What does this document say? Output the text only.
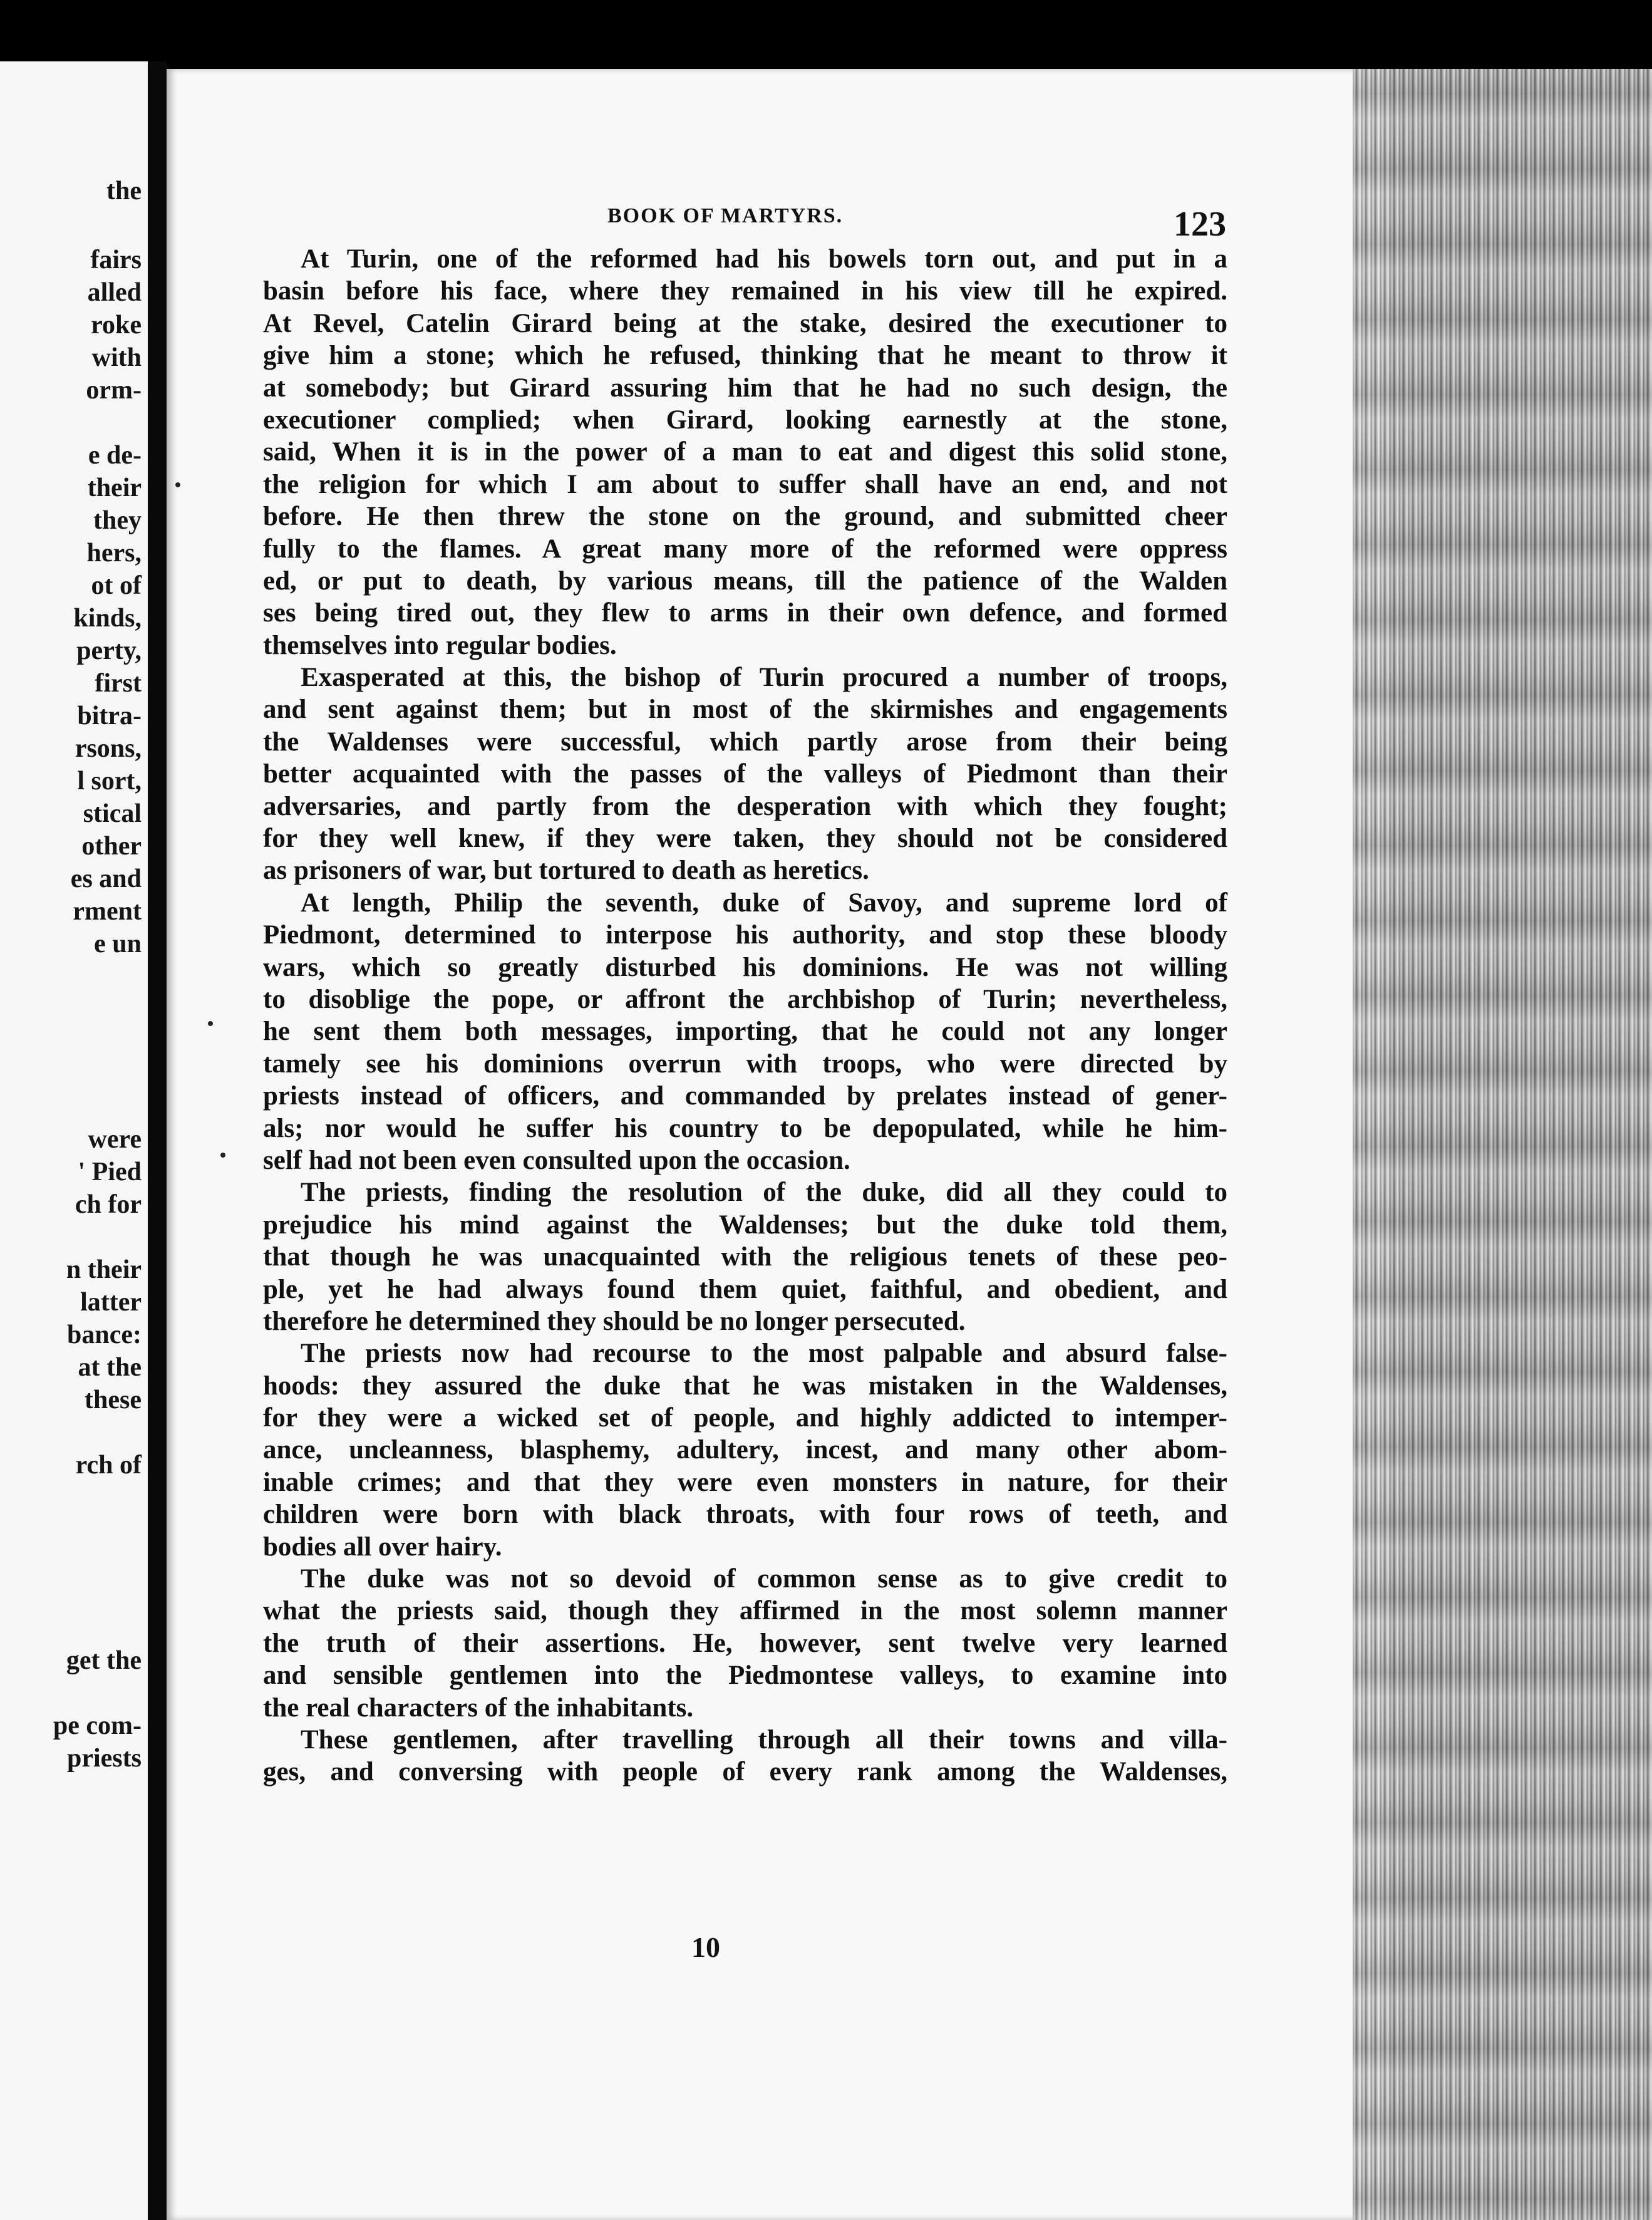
the
fairs
alled
roke
with
orm-
e de-
their
they
hers,
ot of
kinds,
perty,
first
bitra-
rsons,
l sort,
stical
other
es and
rment
e un
were
' Pied
ch for
n their
latter
bance:
at the
these
rch of
get the
pe com-
priests
BOOK OF MARTYRS.	123
At Turin, one of the reformed had his bowels torn out, and put in a
basin before his face, where they remained in his view till he expired.
At Revel, Catelin Girard being at the stake, desired the executioner to
give him a stone; which he refused, thinking that he meant to throw it
at somebody; but Girard assuring him that he had no such design, the
executioner complied; when Girard, looking earnestly at the stone,
said, When it is in the power of a man to eat and digest this solid stone,
the religion for which I am about to suffer shall have an end, and not
before. He then threw the stone on the ground, and submitted cheer
fully to the flames. A great many more of the reformed were oppress
ed, or put to death, by various means, till the patience of the Walden
ses being tired out, they flew to arms in their own defence, and formed
themselves into regular bodies.
Exasperated at this, the bishop of Turin procured a number of troops,
and sent against them; but in most of the skirmishes and engagements
the Waldenses were successful, which partly arose from their being
better acquainted with the passes of the valleys of Piedmont than their
adversaries, and partly from the desperation with which they fought;
for they well knew, if they were taken, they should not be considered
as prisoners of war, but tortured to death as heretics.
At length, Philip the seventh, duke of Savoy, and supreme lord of
Piedmont, determined to interpose his authority, and stop these bloody
wars, which so greatly disturbed his dominions. He was not willing
to disoblige the pope, or affront the archbishop of Turin; nevertheless,
he sent them both messages, importing, that he could not any longer
tamely see his dominions overrun with troops, who were directed by
priests instead of officers, and commanded by prelates instead of gener-
als; nor would he suffer his country to be depopulated, while he him-
self had not been even consulted upon the occasion.
The priests, finding the resolution of the duke, did all they could to
prejudice his mind against the Waldenses; but the duke told them,
that though he was unacquainted with the religious tenets of these peo-
ple, yet he had always found them quiet, faithful, and obedient, and
therefore he determined they should be no longer persecuted.
The priests now had recourse to the most palpable and absurd false-
hoods: they assured the duke that he was mistaken in the Waldenses,
for they were a wicked set of people, and highly addicted to intemper-
ance, uncleanness, blasphemy, adultery, incest, and many other abom-
inable crimes; and that they were even monsters in nature, for their
children were born with black throats, with four rows of teeth, and
bodies all over hairy.
The duke was not so devoid of common sense as to give credit to
what the priests said, though they affirmed in the most solemn manner
the truth of their assertions. He, however, sent twelve very learned
and sensible gentlemen into the Piedmontese valleys, to examine into
the real characters of the inhabitants.
These gentlemen, after travelling through all their towns and villa-
ges, and conversing with people of every rank among the Waldenses,
10
